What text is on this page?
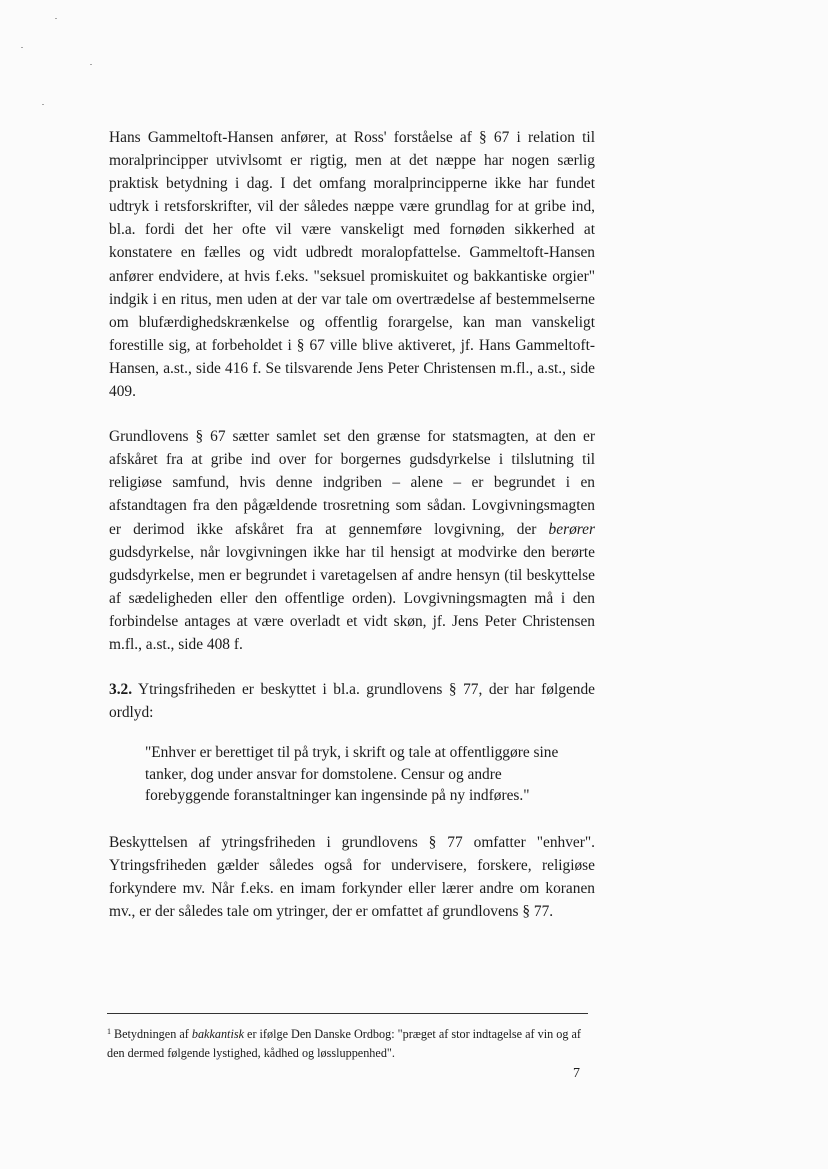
Hans Gammeltoft-Hansen anfører, at Ross' forståelse af § 67 i relation til moralprincipper utvivlsomt er rigtig, men at det næppe har nogen særlig praktisk betydning i dag. I det omfang moralprincipperne ikke har fundet udtryk i retsforskrifter, vil der således næppe være grundlag for at gribe ind, bl.a. fordi det her ofte vil være vanskeligt med fornøden sikkerhed at konstatere en fælles og vidt udbredt moralopfattelse. Gammeltoft-Hansen anfører endvidere, at hvis f.eks. "seksuel promiskuitet og bakkantiske orgier" indgik i en ritus, men uden at der var tale om overtrædelse af bestemmelserne om blufærdighedskrænkelse og offentlig forargelse, kan man vanskeligt forestille sig, at forbeholdet i § 67 ville blive aktiveret, jf. Hans Gammeltoft-Hansen, a.st., side 416 f. Se tilsvarende Jens Peter Christensen m.fl., a.st., side 409.

Grundlovens § 67 sætter samlet set den grænse for statsmagten, at den er afskåret fra at gribe ind over for borgernes gudsdyrkelse i tilslutning til religiøse samfund, hvis denne indgriben – alene – er begrundet i en afstandtagen fra den pågældende trosretning som sådan. Lovgivningsmagten er derimod ikke afskåret fra at gennemføre lovgivning, der berører gudsdyrkelse, når lovgivningen ikke har til hensigt at modvirke den berørte gudsdyrkelse, men er begrundet i varetagelsen af andre hensyn (til beskyttelse af sædeligheden eller den offentlige orden). Lovgivningsmagten må i den forbindelse antages at være overladt et vidt skøn, jf. Jens Peter Christensen m.fl., a.st., side 408 f.

3.2. Ytringsfriheden er beskyttet i bl.a. grundlovens § 77, der har følgende ordlyd:

"Enhver er berettiget til på tryk, i skrift og tale at offentliggøre sine tanker, dog under ansvar for domstolene. Censur og andre forebyggende foranstaltninger kan ingensinde på ny indføres."

Beskyttelsen af ytringsfriheden i grundlovens § 77 omfatter "enhver". Ytringsfriheden gælder således også for undervisere, forskere, religiøse forkyndere mv. Når f.eks. en imam forkynder eller lærer andre om koranen mv., er der således tale om ytringer, der er omfattet af grundlovens § 77.

$^1$ Betydningen af bakkantisk er ifølge Den Danske Ordbog: "præget af stor indtagelse af vin og af den dermed følgende lystighed, kådhed og løssluppenhed".
7
